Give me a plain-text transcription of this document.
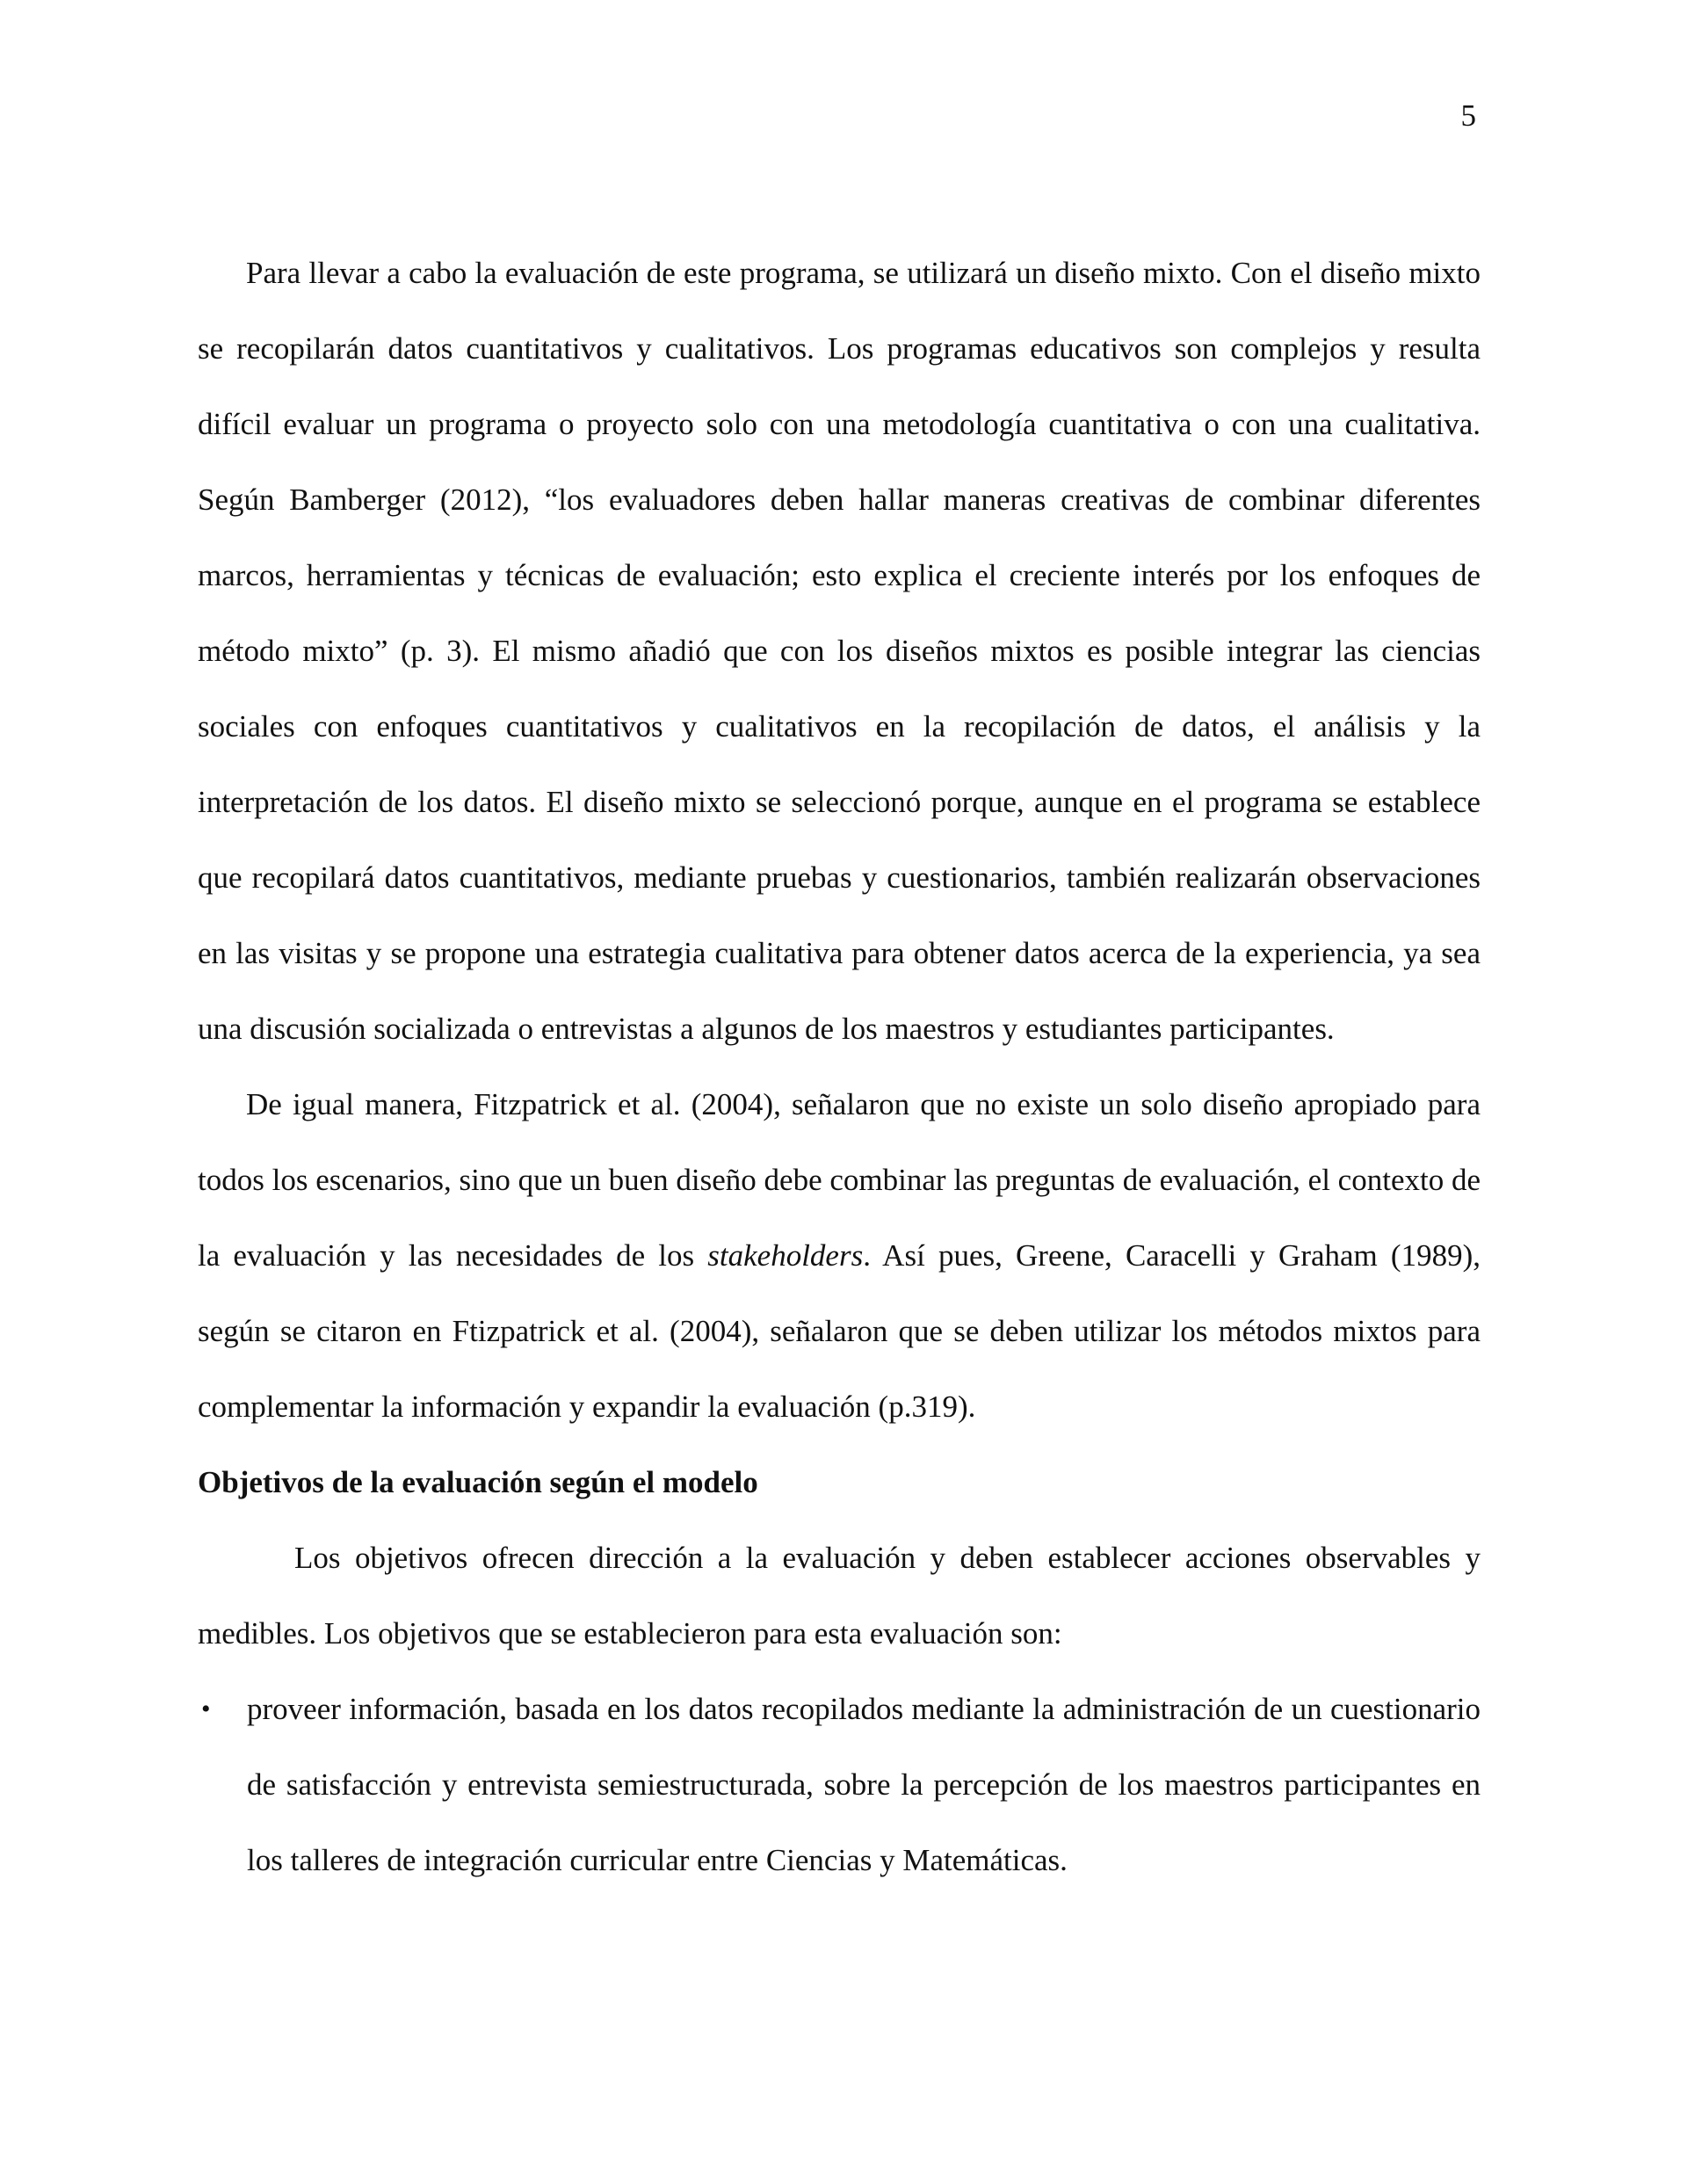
5

Para llevar a cabo la evaluación de este programa, se utilizará un diseño mixto. Con el diseño mixto se recopilarán datos cuantitativos y cualitativos. Los programas educativos son complejos y resulta difícil evaluar un programa o proyecto solo con una metodología cuantitativa o con una cualitativa. Según Bamberger (2012), “los evaluadores deben hallar maneras creativas de combinar diferentes marcos, herramientas y técnicas de evaluación; esto explica el creciente interés por los enfoques de método mixto” (p. 3). El mismo añadió que con los diseños mixtos es posible integrar las ciencias sociales con enfoques cuantitativos y cualitativos en la recopilación de datos, el análisis y la interpretación de los datos. El diseño mixto se seleccionó porque, aunque en el programa se establece que recopilará datos cuantitativos, mediante pruebas y cuestionarios, también realizarán observaciones en las visitas y se propone una estrategia cualitativa para obtener datos acerca de la experiencia, ya sea una discusión socializada o entrevistas a algunos de los maestros y estudiantes participantes.

De igual manera, Fitzpatrick et al. (2004), señalaron que no existe un solo diseño apropiado para todos los escenarios, sino que un buen diseño debe combinar las preguntas de evaluación, el contexto de la evaluación y las necesidades de los stakeholders. Así pues, Greene, Caracelli y Graham (1989), según se citaron en Ftizpatrick et al. (2004), señalaron que se deben utilizar los métodos mixtos para complementar la información y expandir la evaluación (p.319).

Objetivos de la evaluación según el modelo

Los objetivos ofrecen dirección a la evaluación y deben establecer acciones observables y medibles. Los objetivos que se establecieron para esta evaluación son:

• proveer información, basada en los datos recopilados mediante la administración de un cuestionario de satisfacción y entrevista semiestructurada, sobre la percepción de los maestros participantes en los talleres de integración curricular entre Ciencias y Matemáticas.
